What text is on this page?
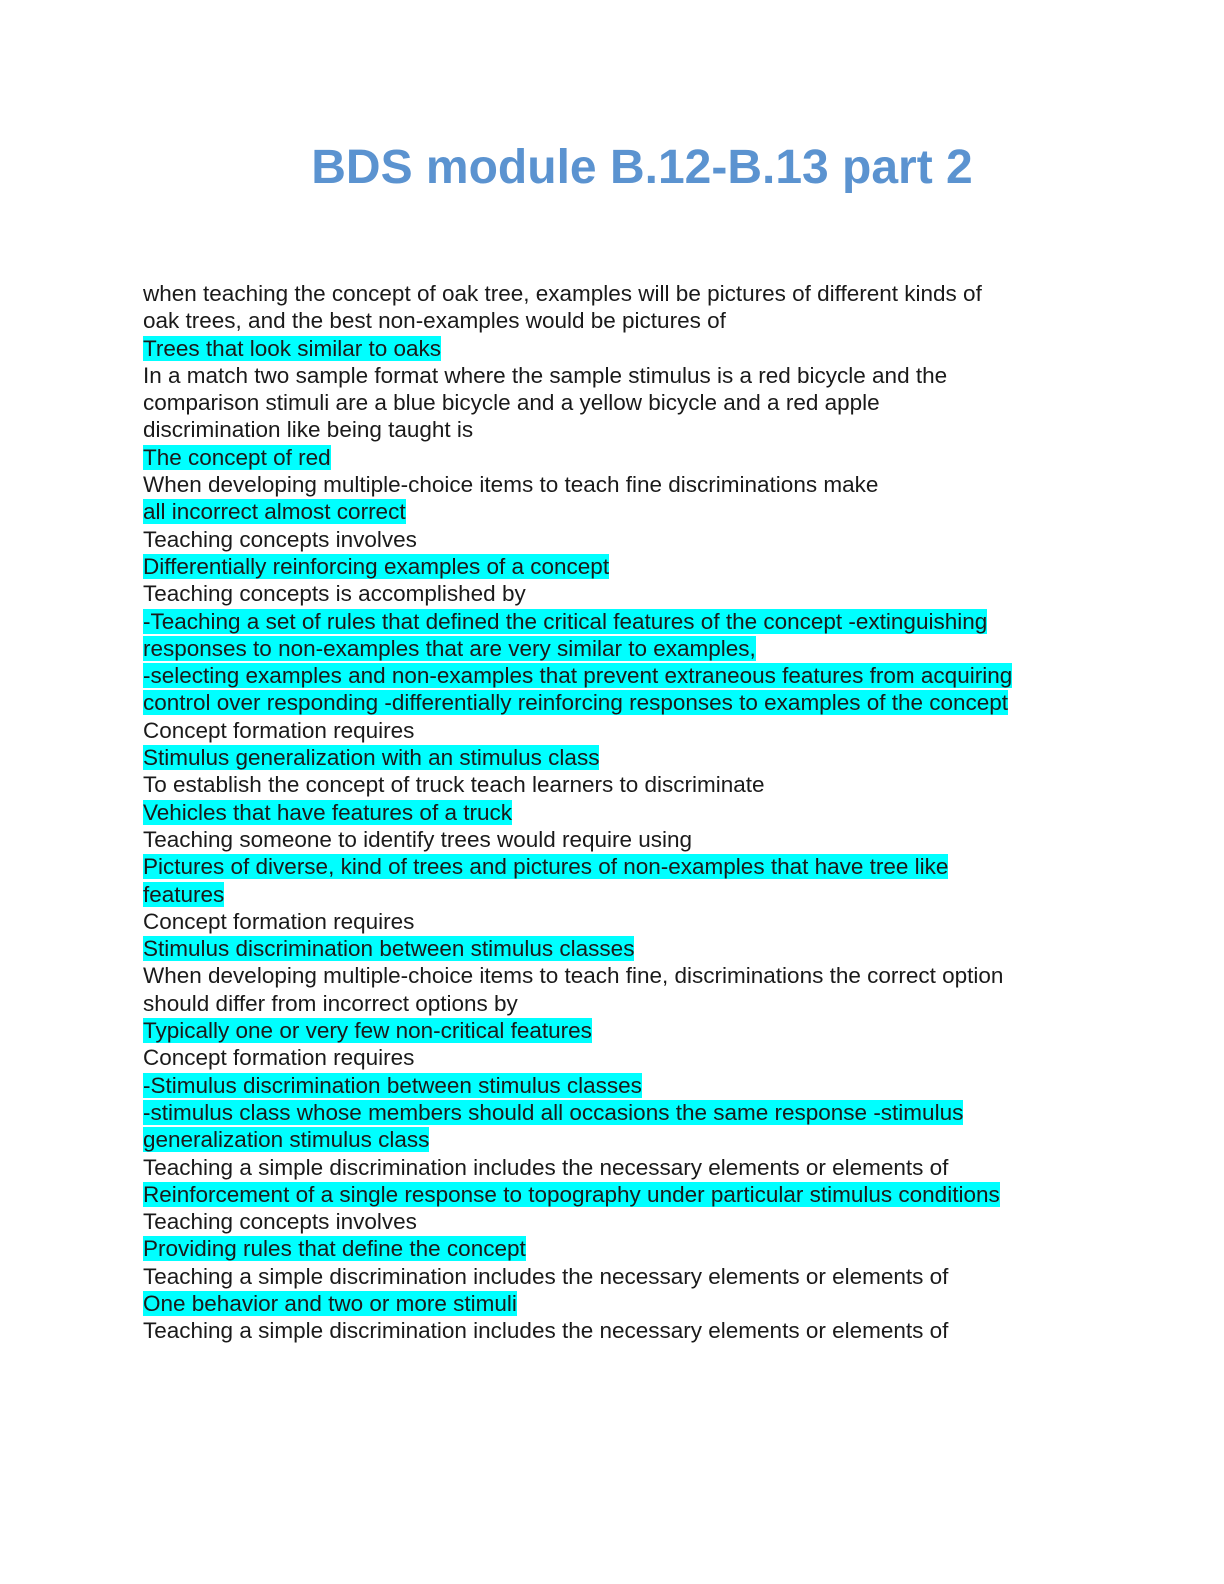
BDS module B.12-B.13 part 2
when teaching the concept of oak tree, examples will be pictures of different kinds of
oak trees, and the best non-examples would be pictures of
Trees that look similar to oaks
In a match two sample format where the sample stimulus is a red bicycle and the
comparison stimuli are a blue bicycle and a yellow bicycle and a red apple
discrimination like being taught is
The concept of red
When developing multiple-choice items to teach fine discriminations make
all incorrect almost correct
Teaching concepts involves
Differentially reinforcing examples of a concept
Teaching concepts is accomplished by
-Teaching a set of rules that defined the critical features of the concept -extinguishing
responses to non-examples that are very similar to examples,
-selecting examples and non-examples that prevent extraneous features from acquiring
control over responding -differentially reinforcing responses to examples of the concept
Concept formation requires
Stimulus generalization with an stimulus class
To establish the concept of truck teach learners to discriminate
Vehicles that have features of a truck
Teaching someone to identify trees would require using
Pictures of diverse, kind of trees and pictures of non-examples that have tree like
features
Concept formation requires
Stimulus discrimination between stimulus classes
When developing multiple-choice items to teach fine, discriminations the correct option
should differ from incorrect options by
Typically one or very few non-critical features
Concept formation requires
-Stimulus discrimination between stimulus classes
-stimulus class whose members should all occasions the same response -stimulus
generalization stimulus class
Teaching a simple discrimination includes the necessary elements or elements of
Reinforcement of a single response to topography under particular stimulus conditions
Teaching concepts involves
Providing rules that define the concept
Teaching a simple discrimination includes the necessary elements or elements of
One behavior and two or more stimuli
Teaching a simple discrimination includes the necessary elements or elements of
